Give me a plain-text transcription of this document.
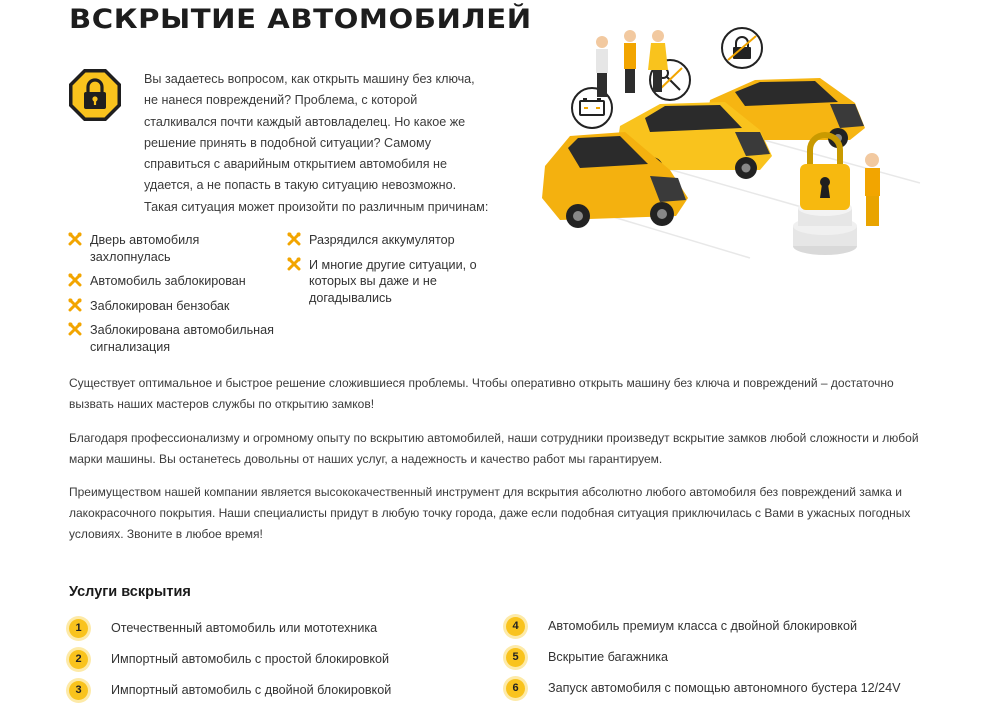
ВСКРЫТИЕ АВТОМОБИЛЕЙ

Вы задаетесь вопросом, как открыть машину без ключа, не нанеся повреждений? Проблема, с которой сталкивался почти каждый автовладелец. Но какое же решение принять в подобной ситуации? Самому справиться с аварийным открытием автомобиля не удается, а не попасть в такую ситуацию невозможно. Такая ситуация может произойти по различным причинам:

Дверь автомобиля захлопнулась
Автомобиль заблокирован
Заблокирован бензобак
Заблокирована автомобильная сигнализация
Разрядился аккумулятор
И многие другие ситуации, о которых вы даже и не догадывались

Существует оптимальное и быстрое решение сложившиеся проблемы. Чтобы оперативно открыть машину без ключа и повреждений – достаточно вызвать наших мастеров службы по открытию замков!

Благодаря профессионализму и огромному опыту по вскрытию автомобилей, наши сотрудники произведут вскрытие замков любой сложности и любой марки машины. Вы останетесь довольны от наших услуг, а надежность и качество работ мы гарантируем.

Преимуществом нашей компании является высококачественный инструмент для вскрытия абсолютно любого автомобиля без повреждений замка и лакокрасочного покрытия. Наши специалисты придут в любую точку города, даже если подобная ситуация приключилась с Вами в ужасных погодных условиях. Звоните в любое время!

Услуги вскрытия
1	Отечественный автомобиль или мототехника
2	Импортный автомобиль с простой блокировкой
3	Импортный автомобиль с двойной блокировкой
4	Автомобиль премиум класса с двойной блокировкой
5	Вскрытие багажника
6	Запуск автомобиля с помощью автономного бустера 12/24V
